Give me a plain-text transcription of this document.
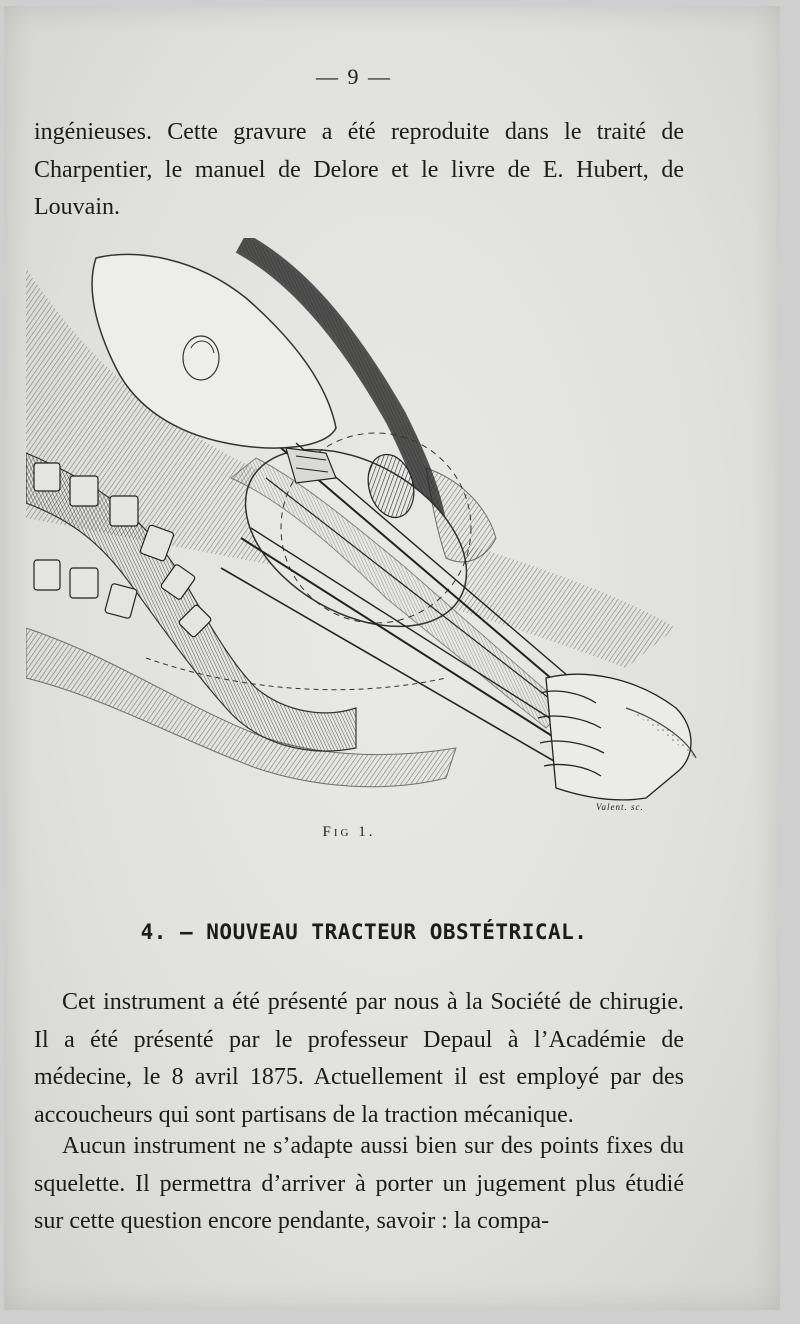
— 9 —

ingénieuses. Cette gravure a été reproduite dans le traité de Charpentier, le manuel de Delore et le livre de E. Hubert, de Louvain.

Valent. sc.
Fig 1.
4. — NOUVEAU TRACTEUR OBSTÉTRICAL.

Cet instrument a été présenté par nous à la Société de chirugie. Il a été présenté par le professeur Depaul à l’Académie de médecine, le 8 avril 1875. Actuellement il est employé par des accoucheurs qui sont partisans de la traction mécanique.

Aucun instrument ne s’adapte aussi bien sur des points fixes du squelette. Il permettra d’arriver à porter un jugement plus étudié sur cette question encore pendante, savoir : la compa-
